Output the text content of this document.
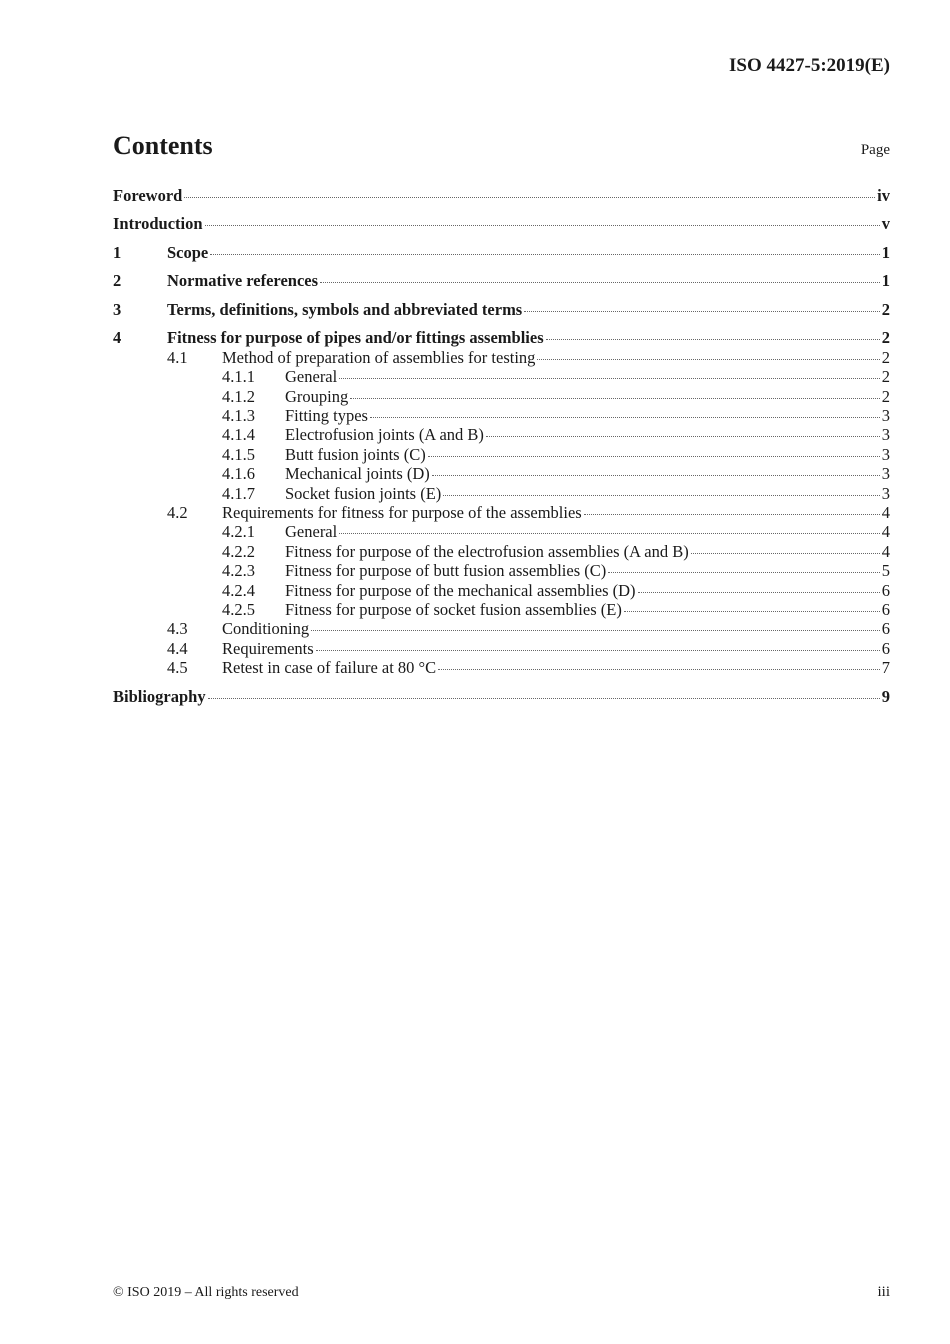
ISO 4427-5:2019(E)
Contents	Page
Foreword	iv
Introduction	v
1	Scope	1
2	Normative references	1
3	Terms, definitions, symbols and abbreviated terms	2
4	Fitness for purpose of pipes and/or fittings assemblies	2
4.1	Method of preparation of assemblies for testing	2
4.1.1	General	2
4.1.2	Grouping	2
4.1.3	Fitting types	3
4.1.4	Electrofusion joints (A and B)	3
4.1.5	Butt fusion joints (C)	3
4.1.6	Mechanical joints (D)	3
4.1.7	Socket fusion joints (E)	3
4.2	Requirements for fitness for purpose of the assemblies	4
4.2.1	General	4
4.2.2	Fitness for purpose of the electrofusion assemblies (A and B)	4
4.2.3	Fitness for purpose of butt fusion assemblies (C)	5
4.2.4	Fitness for purpose of the mechanical assemblies (D)	6
4.2.5	Fitness for purpose of socket fusion assemblies (E)	6
4.3	Conditioning	6
4.4	Requirements	6
4.5	Retest in case of failure at 80 °C	7
Bibliography	9
© ISO 2019 – All rights reserved	iii
